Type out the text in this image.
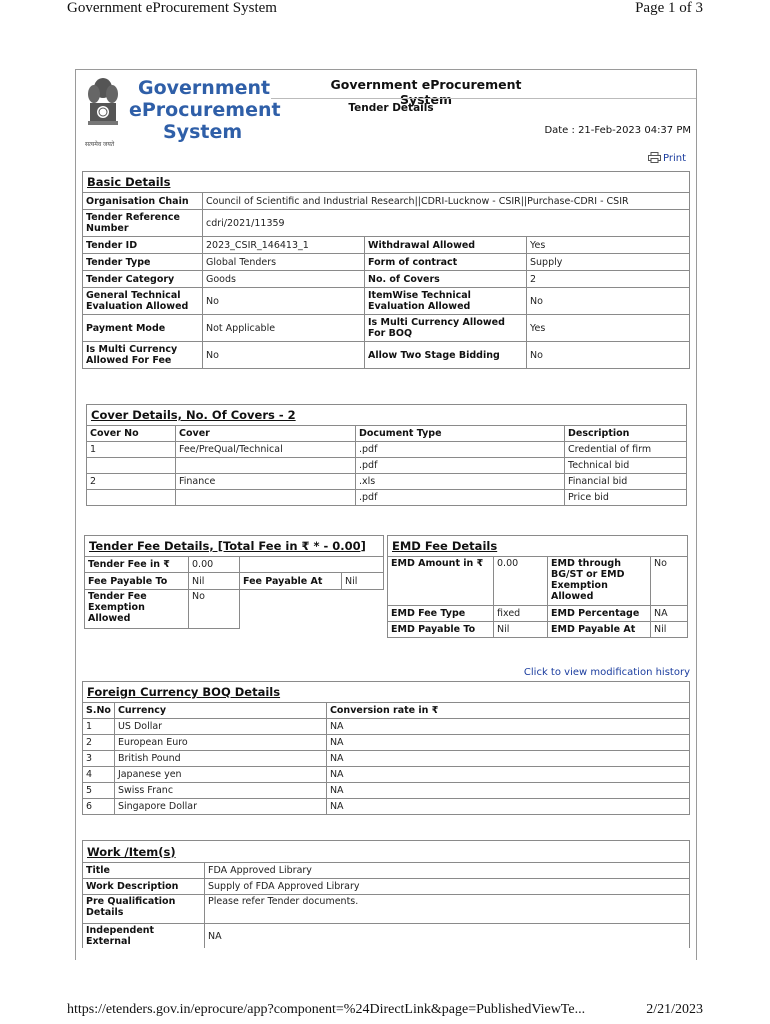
Government eProcurement System	Page 1 of 3
Government
eProcurement
System
सत्यमेव जयते
Government eProcurement System
Tender Details
Date : 21-Feb-2023 04:37 PM
Print
Basic Details			
Organisation Chain	Council of Scientific and Industrial Research||CDRI-Lucknow - CSIR||Purchase-CDRI - CSIR		
Tender Reference Number	cdri/2021/11359		
Tender ID	2023_CSIR_146413_1	Withdrawal Allowed	Yes
Tender Type	Global Tenders	Form of contract	Supply
Tender Category	Goods	No. of Covers	2
General Technical Evaluation Allowed	No	ItemWise Technical Evaluation Allowed	No
Payment Mode	Not Applicable	Is Multi Currency Allowed For BOQ	Yes
Is Multi Currency Allowed For Fee	No	Allow Two Stage Bidding	No
Cover Details, No. Of Covers - 2			
Cover No	Cover	Document Type	Description
1	Fee/PreQual/Technical	.pdf	Credential of firm
		.pdf	Technical bid
2	Finance	.xls	Financial bid
		.pdf	Price bid
Tender Fee Details, [Total Fee in ₹ * - 0.00]			
Tender Fee in ₹	0.00		
Fee Payable To	Nil	Fee Payable At	Nil
Tender Fee Exemption Allowed	No		
EMD Fee Details			
EMD Amount in ₹	0.00	EMD through BG/ST or EMD Exemption Allowed	No
EMD Fee Type	fixed	EMD Percentage	NA
EMD Payable To	Nil	EMD Payable At	Nil
Click to view modification history
Foreign Currency BOQ Details		
S.No	Currency	Conversion rate in ₹
1	US Dollar	NA
2	European Euro	NA
3	British Pound	NA
4	Japanese yen	NA
5	Swiss Franc	NA
6	Singapore Dollar	NA
Work /Item(s)	
Title	FDA Approved Library
Work Description	Supply of FDA Approved Library
Pre Qualification Details	Please refer Tender documents.
Independent External	NA
https://etenders.gov.in/eprocure/app?component=%24DirectLink&page=PublishedViewTe...	2/21/2023
